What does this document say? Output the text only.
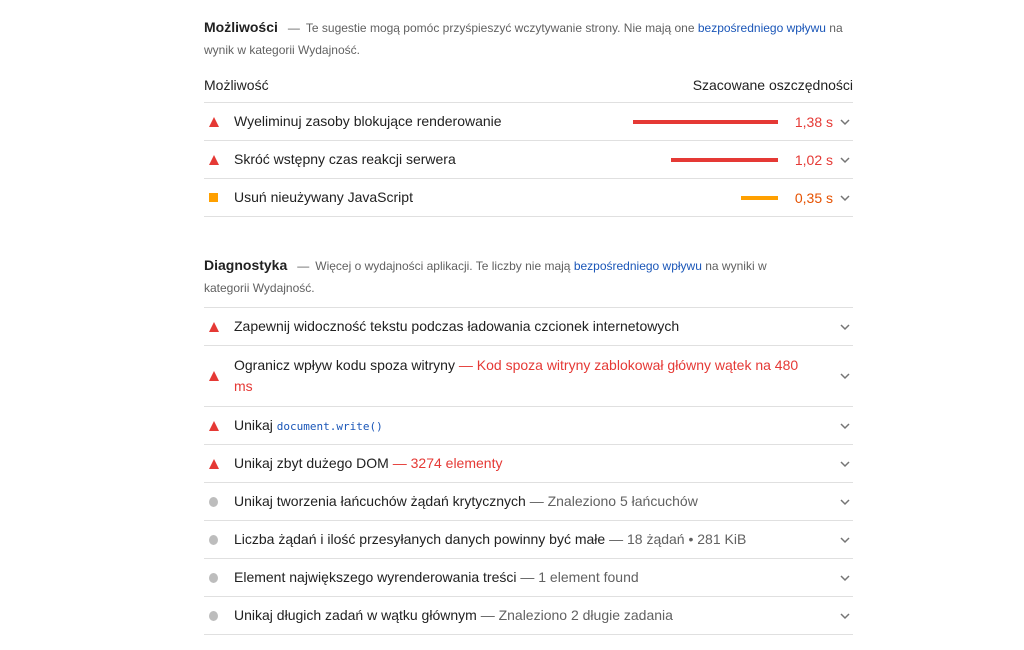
Możliwości — Te sugestie mogą pomóc przyśpieszyć wczytywanie strony. Nie mają one bezpośredniego wpływu na wynik w kategorii Wydajność.
Możliwość	Szacowane oszczędności
Wyeliminuj zasoby blokujące renderowanie	1,38 s
Skróć wstępny czas reakcji serwera	1,02 s
Usuń nieużywany JavaScript	0,35 s
Diagnostyka — Więcej o wydajności aplikacji. Te liczby nie mają bezpośredniego wpływu na wyniki w kategorii Wydajność.
Zapewnij widoczność tekstu podczas ładowania czcionek internetowych
Ogranicz wpływ kodu spoza witryny — Kod spoza witryny zablokował główny wątek na 480 ms
Unikaj document.write()
Unikaj zbyt dużego DOM — 3274 elementy
Unikaj tworzenia łańcuchów żądań krytycznych — Znaleziono 5 łańcuchów
Liczba żądań i ilość przesyłanych danych powinny być małe — 18 żądań • 281 KiB
Element największego wyrenderowania treści — 1 element found
Unikaj długich zadań w wątku głównym — Znaleziono 2 długie zadania
